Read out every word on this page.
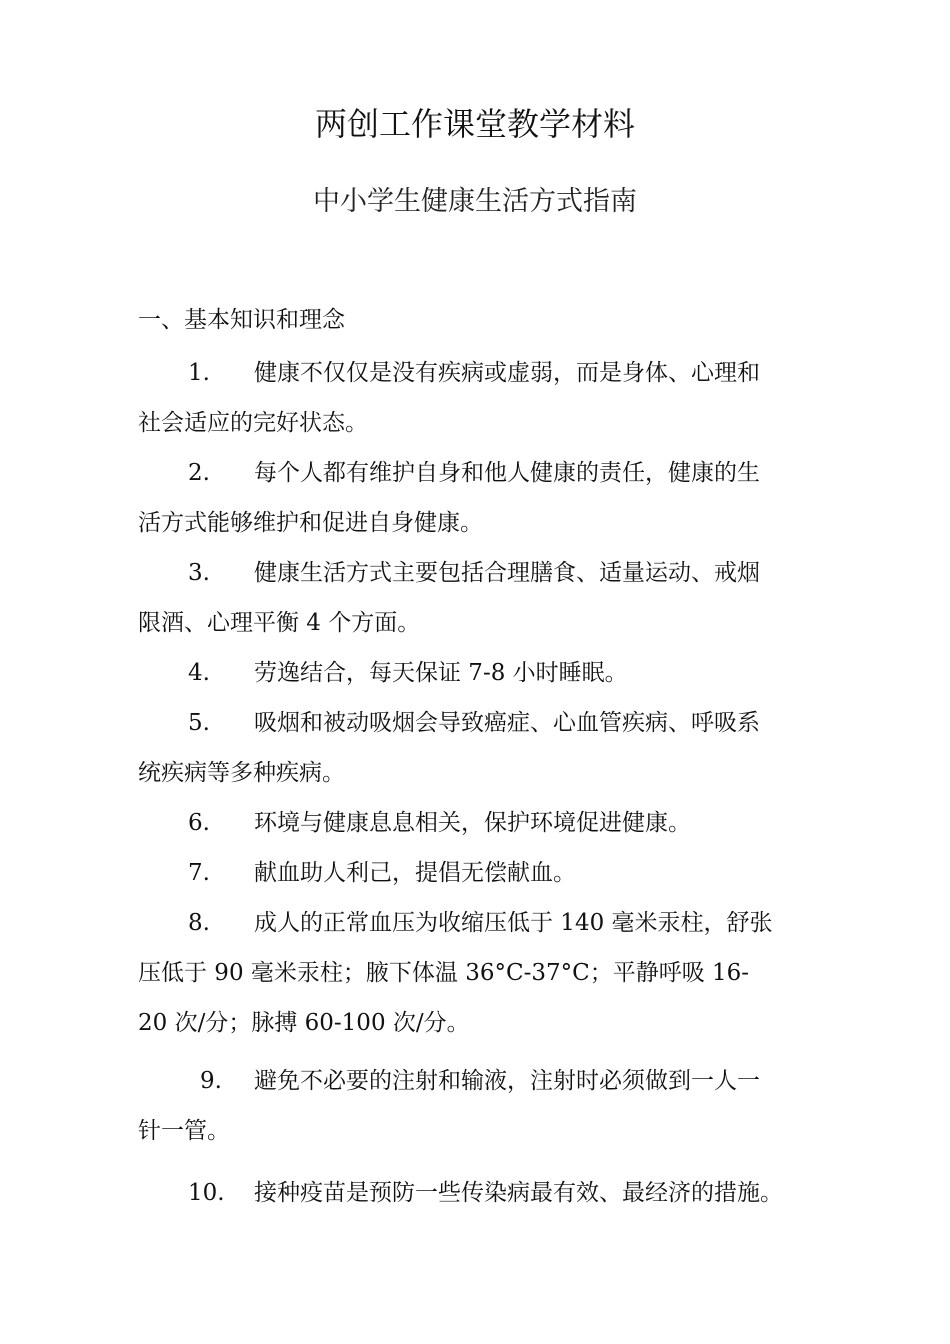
两创工作课堂教学材料
中小学生健康生活方式指南
一、基本知识和理念

1. 健康不仅仅是没有疾病或虚弱，而是身体、心理和
社会适应的完好状态。

2. 每个人都有维护自身和他人健康的责任，健康的生
活方式能够维护和促进自身健康。

3. 健康生活方式主要包括合理膳食、适量运动、戒烟
限酒、心理平衡 4 个方面。

4. 劳逸结合，每天保证 7-8 小时睡眠。

5. 吸烟和被动吸烟会导致癌症、心血管疾病、呼吸系
统疾病等多种疾病。

6. 环境与健康息息相关，保护环境促进健康。

7. 献血助人利己，提倡无偿献血。

8. 成人的正常血压为收缩压低于 140 毫米汞柱，舒张
压低于 90 毫米汞柱；腋下体温 36°C-37°C；平静呼吸 16-
20 次/分；脉搏 60-100 次/分。

9. 避免不必要的注射和输液，注射时必须做到一人一
针一管。

10. 接种疫苗是预防一些传染病最有效、最经济的措施。
